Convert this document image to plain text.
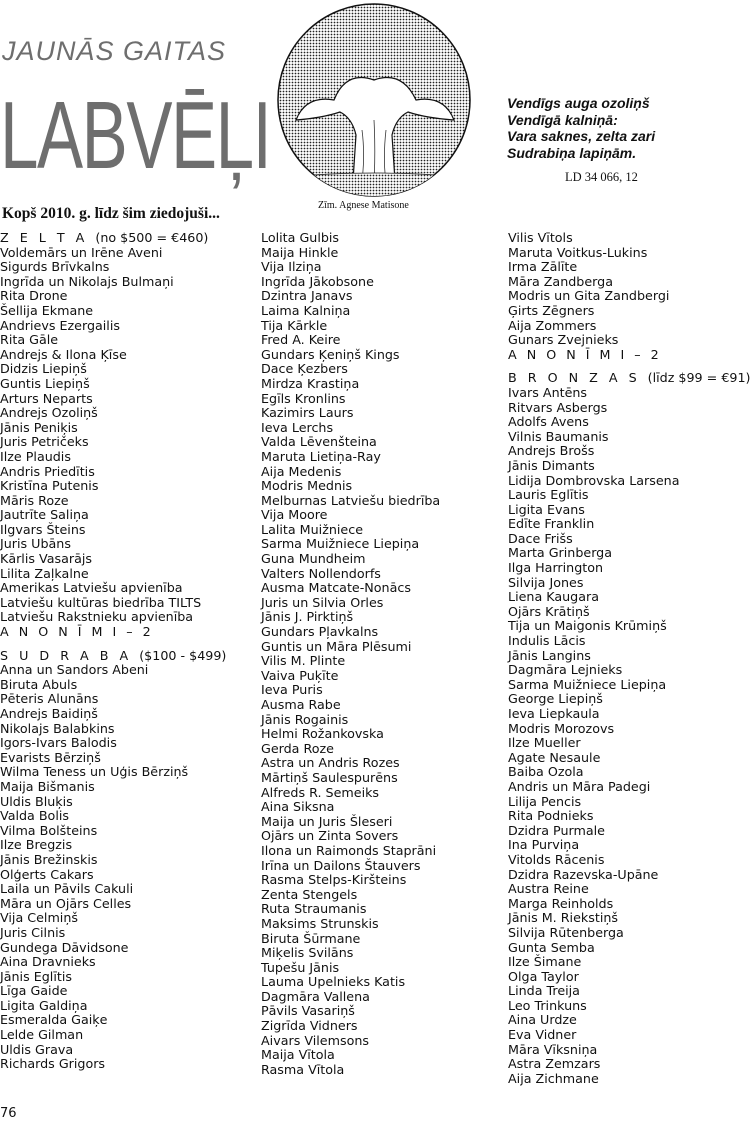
JAUNĀS GAITAS
LABVĒĻI
Kopš 2010. g. līdz šim ziedojuši...	Zīm. Agnese Matisone
Vendīgs auga ozoliņš
Vendīgā kalniņā:
Vara saknes, zelta zari
Sudrabiņa lapiņām.
LD 34 066, 12
Z E L T A (no $500 = €460)
Voldemārs un Irēne Aveni
Sigurds Brīvkalns
Ingrīda un Nikolajs Bulmaņi
Rita Drone
Šellija Ekmane
Andrievs Ezergailis
Rita Gāle
Andrejs & Ilona Ķīse
Didzis Liepiņš
Guntis Liepiņš
Arturs Neparts
Andrejs Ozoliņš
Jānis Peniķis
Juris Petričeks
Ilze Plaudis
Andris Priedītis
Kristīna Putenis
Māris Roze
Jautrīte Saliņa
Ilgvars Šteins
Juris Ubāns
Kārlis Vasarājs
Lilita Zaļkalne
Amerikas Latviešu apvienība
Latviešu kultūras biedrība TILTS
Latviešu Rakstnieku apvienība
A N O N Ī M I – 2
S U D R A B A ($100 - $499)
Anna un Sandors Abeni
Biruta Abuls
Pēteris Alunāns
Andrejs Baidiņš
Nikolajs Balabkins
Igors-Ivars Balodis
Evarists Bērziņš
Wilma Teness un Uģis Bērziņš
Maija Bišmanis
Uldis Bluķis
Valda Bolis
Vilma Bolšteins
Ilze Bregzis
Jānis Brežinskis
Olģerts Cakars
Laila un Pāvils Cakuli
Māra un Ojārs Celles
Vija Celmiņš
Juris Cilnis
Gundega Dāvidsone
Aina Dravnieks
Jānis Eglītis
Līga Gaide
Ligita Galdiņa
Esmeralda Gaiķe
Lelde Gilman
Uldis Grava
Richards Grigors
Lolita Gulbis
Maija Hinkle
Vija Ilziņa
Ingrīda Jākobsone
Dzintra Janavs
Laima Kalniņa
Tija Kārkle
Fred A. Keire
Gundars Ķeniņš Kings
Dace Ķezbers
Mirdza Krastiņa
Egīls Kronlins
Kazimirs Laurs
Ieva Lerchs
Valda Lēvenšteina
Maruta Lietiņa-Ray
Aija Medenis
Modris Mednis
Melburnas Latviešu biedrība
Vija Moore
Lalita Muižniece
Sarma Muižniece Liepiņa
Guna Mundheim
Valters Nollendorfs
Ausma Matcate-Nonācs
Juris un Silvia Orles
Jānis J. Pirktiņš
Gundars Pļavkalns
Guntis un Māra Plēsumi
Vilis M. Plinte
Vaiva Puķīte
Ieva Puris
Ausma Rabe
Jānis Rogainis
Helmi Rožankovska
Gerda Roze
Astra un Andris Rozes
Mārtiņš Saulespurēns
Alfreds R. Semeiks
Aina Siksna
Maija un Juris Šleseri
Ojārs un Zinta Sovers
Ilona un Raimonds Staprāni
Irīna un Dailons Štauvers
Rasma Stelps-Kiršteins
Zenta Stengels
Ruta Straumanis
Maksims Strunskis
Biruta Šūrmane
Miķelis Svilāns
Tupešu Jānis
Lauma Upelnieks Katis
Dagmāra Vallena
Pāvils Vasariņš
Zigrīda Vidners
Aivars Vilemsons
Maija Vītola
Rasma Vītola
Vilis Vītols
Maruta Voitkus-Lukins
Irma Zālīte
Māra Zandberga
Modris un Gita Zandbergi
Ģirts Zēgners
Aija Zommers
Gunars Zvejnieks
A N O N Ī M I – 2
B R O N Z A S (līdz $99 = €91)
Ivars Antēns
Ritvars Asbergs
Adolfs Avens
Vilnis Baumanis
Andrejs Brošs
Jānis Dimants
Lidija Dombrovska Larsena
Lauris Eglītis
Ligita Evans
Edīte Franklin
Dace Frišs
Marta Grinberga
Ilga Harrington
Silvija Jones
Liena Kaugara
Ojārs Krātiņš
Tija un Maigonis Krūmiņš
Indulis Lācis
Jānis Langins
Dagmāra Lejnieks
Sarma Muižniece Liepiņa
George Liepiņš
Ieva Liepkaula
Modris Morozovs
Ilze Mueller
Agate Nesaule
Baiba Ozola
Andris un Māra Padegi
Lilija Pencis
Rita Podnieks
Dzidra Purmale
Ina Purviņa
Vitolds Rācenis
Dzidra Razevska-Upāne
Austra Reine
Marga Reinholds
Jānis M. Riekstiņš
Silvija Rūtenberga
Gunta Semba
Ilze Šimane
Olga Taylor
Linda Treija
Leo Trinkuns
Aina Urdze
Eva Vidner
Māra Vīksniņa
Astra Zemzars
Aija Zichmane
76
